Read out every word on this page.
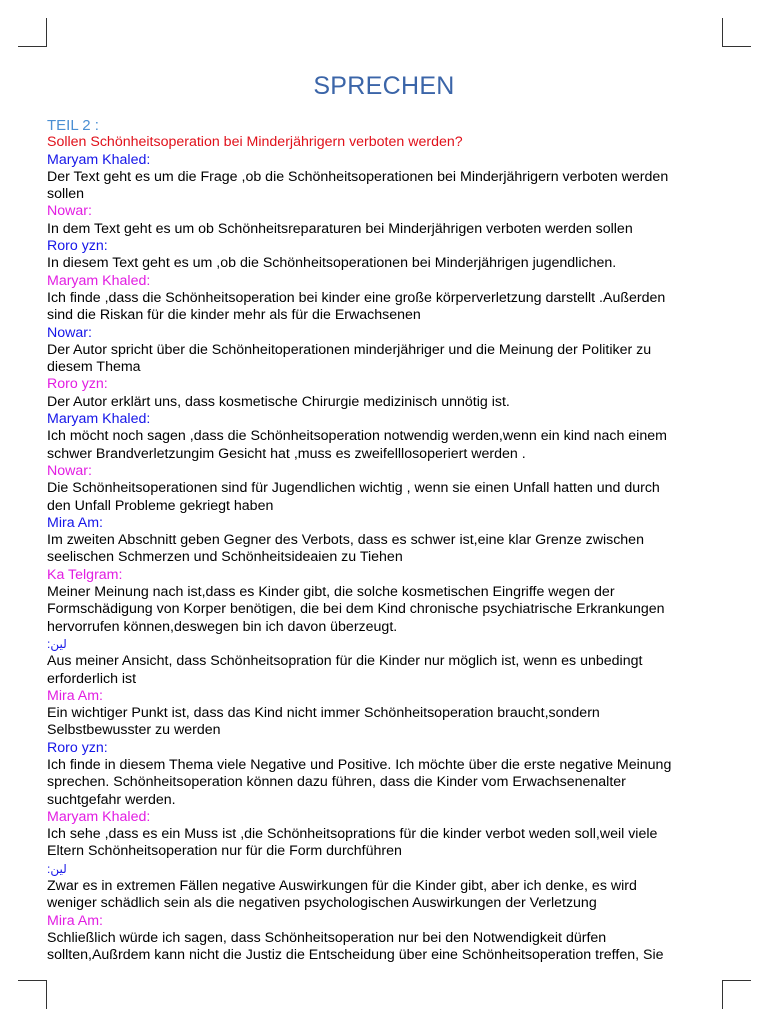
SPRECHEN
TEIL 2 :
Sollen Schönheitsoperation bei Minderjährigern verboten werden?
Maryam Khaled:
Der Text geht es um die Frage ,ob die Schönheitsoperationen bei Minderjährigern verboten werden
sollen
Nowar:
In dem Text geht es um ob Schönheitsreparaturen bei Minderjährigen verboten werden sollen
Roro yzn:
In diesem Text geht es um ,ob die Schönheitsoperationen bei Minderjährigen jugendlichen.
Maryam Khaled:
Ich finde ,dass die Schönheitsoperation bei kinder eine große körperverletzung darstellt .Außerden
sind die Riskan für die kinder mehr als für die Erwachsenen
Nowar:
Der Autor spricht über die Schönheitoperationen minderjähriger und die Meinung der Politiker zu
diesem Thema
Roro yzn:
Der Autor erklärt uns, dass kosmetische Chirurgie medizinisch unnötig ist.
Maryam Khaled:
Ich möcht noch sagen ,dass die Schönheitsoperation notwendig werden,wenn ein kind nach einem
schwer Brandverletzungim Gesicht hat ,muss es zweifelllosoperiert werden .
Nowar:
Die Schönheitsoperationen sind für Jugendlichen wichtig , wenn sie einen Unfall hatten und durch
den Unfall Probleme gekriegt haben
Mira Am:
Im zweiten Abschnitt geben Gegner des Verbots, dass es schwer ist,eine klar Grenze zwischen
seelischen Schmerzen und Schönheitsideaien zu Tiehen
Ka Telgram:
Meiner Meinung nach ist,dass es Kinder gibt, die solche kosmetischen Eingriffe wegen der
Formschädigung von Korper benötigen, die bei dem Kind chronische psychiatrische Erkrankungen
hervorrufen können,deswegen bin ich davon überzeugt.
لين:
Aus meiner Ansicht, dass Schönheitsopration für die Kinder nur möglich ist, wenn es unbedingt
erforderlich ist
Mira Am:
Ein wichtiger Punkt ist, dass das Kind nicht immer Schönheitsoperation braucht,sondern
Selbstbewusster zu werden
Roro yzn:
Ich finde in diesem Thema viele Negative und Positive. Ich möchte über die erste negative Meinung
sprechen. Schönheitsoperation können dazu führen, dass die Kinder vom Erwachsenenalter
suchtgefahr werden.
Maryam Khaled:
Ich sehe ,dass es ein Muss ist ,die Schönheitsoprations für die kinder verbot weden soll,weil viele
Eltern Schönheitsoperation nur für die Form durchführen
لين:
Zwar es in extremen Fällen negative Auswirkungen für die Kinder gibt, aber ich denke, es wird
weniger schädlich sein als die negativen psychologischen Auswirkungen der Verletzung
Mira Am:
Schließlich würde ich sagen, dass Schönheitsoperation nur bei den Notwendigkeit dürfen
sollten,Außrdem kann nicht die Justiz die Entscheidung über eine Schönheitsoperation treffen, Sie
